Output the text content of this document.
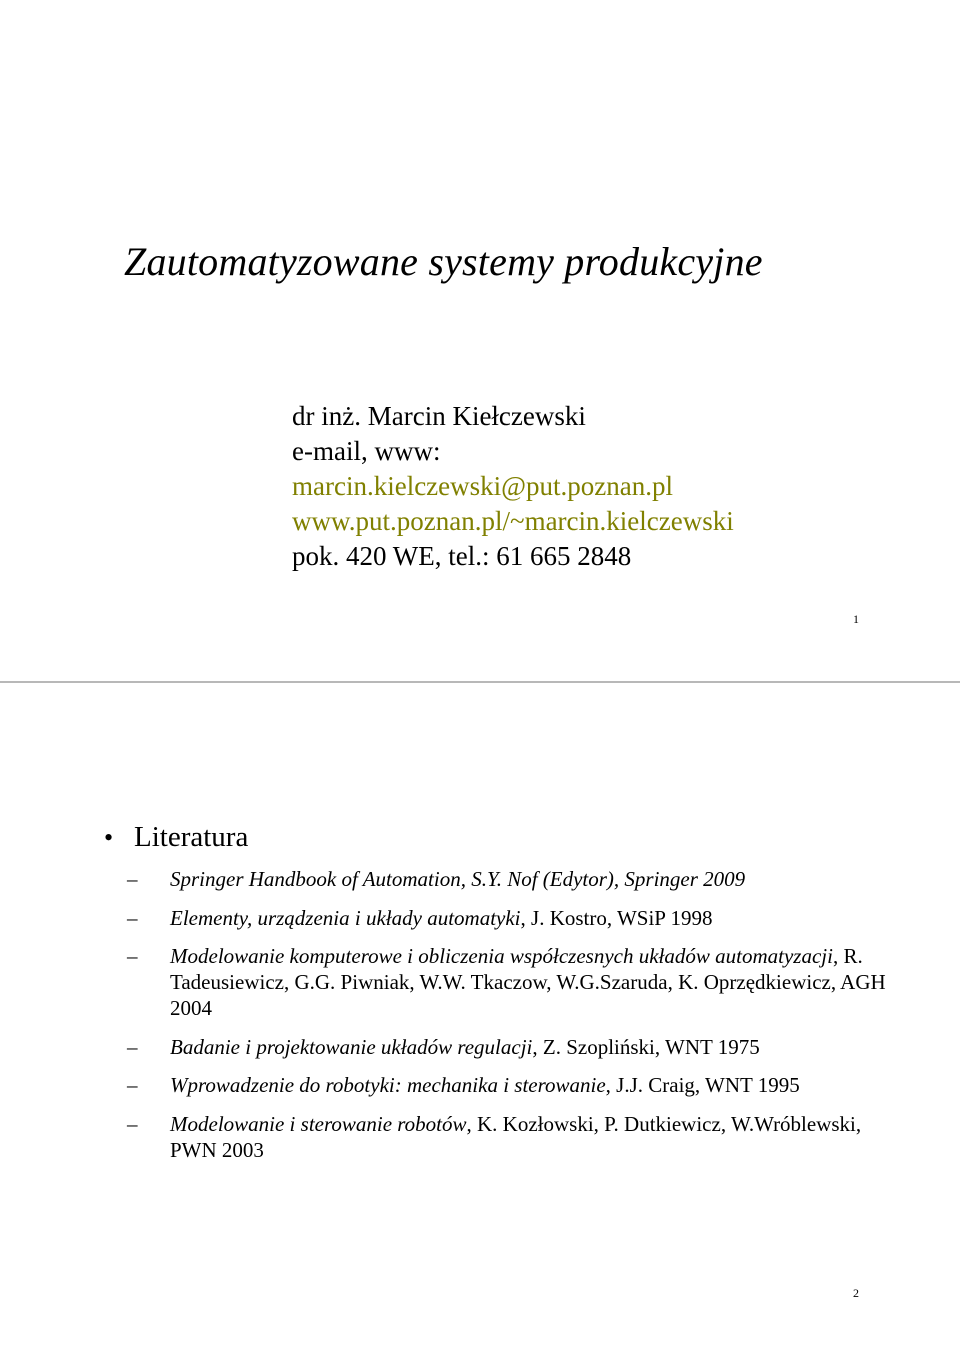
Zautomatyzowane systemy produkcyjne
dr inż. Marcin Kiełczewski
e-mail, www:
marcin.kielczewski@put.poznan.pl
www.put.poznan.pl/~marcin.kielczewski
pok. 420 WE, tel.: 61 665 2848
1
• Literatura
– Springer Handbook of Automation, S.Y. Nof (Edytor), Springer 2009
– Elementy, urządzenia i układy automatyki, J. Kostro, WSiP 1998
– Modelowanie komputerowe i obliczenia współczesnych układów automatyzacji, R. Tadeusiewicz, G.G. Piwniak, W.W. Tkaczow, W.G.Szaruda, K. Oprzędkiewicz, AGH 2004
– Badanie i projektowanie układów regulacji, Z. Szopliński, WNT 1975
– Wprowadzenie do robotyki: mechanika i sterowanie, J.J. Craig, WNT 1995
– Modelowanie i sterowanie robotów, K. Kozłowski, P. Dutkiewicz, W.Wróblewski, PWN 2003
2
